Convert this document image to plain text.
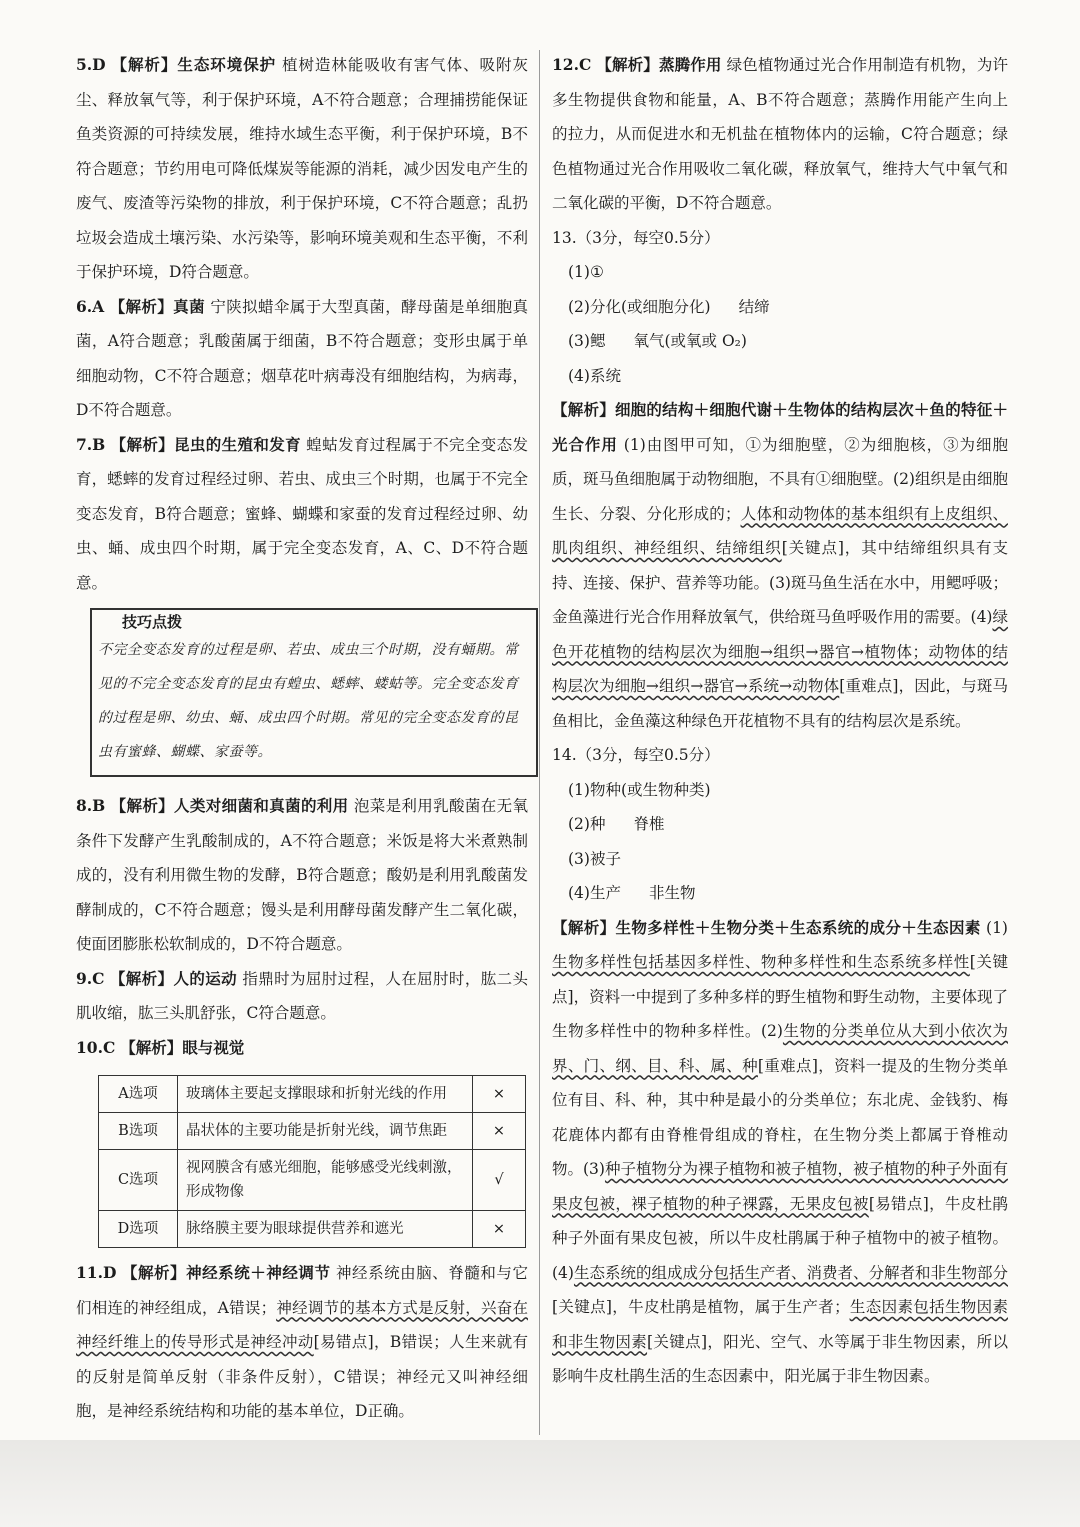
5.D 【解析】生态环境保护 植树造林能吸收有害气体、吸附灰尘、释放氧气等，利于保护环境，A不符合题意；合理捕捞能保证鱼类资源的可持续发展，维持水域生态平衡，利于保护环境，B不符合题意；节约用电可降低煤炭等能源的消耗，减少因发电产生的废气、废渣等污染物的排放，利于保护环境，C不符合题意；乱扔垃圾会造成土壤污染、水污染等，影响环境美观和生态平衡，不利于保护环境，D符合题意。

6.A 【解析】真菌 宁陕拟蜡伞属于大型真菌，酵母菌是单细胞真菌，A符合题意；乳酸菌属于细菌，B不符合题意；变形虫属于单细胞动物，C不符合题意；烟草花叶病毒没有细胞结构，为病毒，D不符合题意。

7.B 【解析】昆虫的生殖和发育 蝗蛄发育过程属于不完全变态发育，蟋蟀的发育过程经过卵、若虫、成虫三个时期，也属于不完全变态发育，B符合题意；蜜蜂、蝴蝶和家蚕的发育过程经过卵、幼虫、蛹、成虫四个时期，属于完全变态发育，A、C、D不符合题意。

技巧点拨
不完全变态发育的过程是卵、若虫、成虫三个时期，没有蛹期。常见的不完全变态发育的昆虫有蝗虫、蟋蟀、蝼蛄等。完全变态发育的过程是卵、幼虫、蛹、成虫四个时期。常见的完全变态发育的昆虫有蜜蜂、蝴蝶、家蚕等。

8.B 【解析】人类对细菌和真菌的利用 泡菜是利用乳酸菌在无氧条件下发酵产生乳酸制成的，A不符合题意；米饭是将大米煮熟制成的，没有利用微生物的发酵，B符合题意；酸奶是利用乳酸菌发酵制成的，C不符合题意；馒头是利用酵母菌发酵产生二氧化碳，使面团膨胀松软制成的，D不符合题意。

9.C 【解析】人的运动 指鼎时为屈肘过程，人在屈肘时，肱二头肌收缩，肱三头肌舒张，C符合题意。

10.C 【解析】眼与视觉

A选项	玻璃体主要起支撑眼球和折射光线的作用	×
B选项	晶状体的主要功能是折射光线，调节焦距	×
C选项	视网膜含有感光细胞，能够感受光线刺激，形成物像	√
D选项	脉络膜主要为眼球提供营养和遮光	×

11.D 【解析】神经系统＋神经调节 神经系统由脑、脊髓和与它们相连的神经组成，A错误；神经调节的基本方式是反射，兴奋在神经纤维上的传导形式是神经冲动[易错点]，B错误；人生来就有的反射是简单反射（非条件反射），C错误；神经元又叫神经细胞，是神经系统结构和功能的基本单位，D正确。

12.C 【解析】蒸腾作用 绿色植物通过光合作用制造有机物，为许多生物提供食物和能量，A、B不符合题意；蒸腾作用能产生向上的拉力，从而促进水和无机盐在植物体内的运输，C符合题意；绿色植物通过光合作用吸收二氧化碳，释放氧气，维持大气中氧气和二氧化碳的平衡，D不符合题意。

13.（3分，每空0.5分）

(1)①
(2)分化(或细胞分化) 结缔
(3)鳃 氧气(或氧或 O₂)
(4)系统

【解析】细胞的结构＋细胞代谢＋生物体的结构层次＋鱼的特征＋光合作用 (1)由图甲可知，①为细胞壁，②为细胞核，③为细胞质，斑马鱼细胞属于动物细胞，不具有①细胞壁。(2)组织是由细胞生长、分裂、分化形成的；人体和动物体的基本组织有上皮组织、肌肉组织、神经组织、结缔组织[关键点]，其中结缔组织具有支持、连接、保护、营养等功能。(3)斑马鱼生活在水中，用鳃呼吸；金鱼藻进行光合作用释放氧气，供给斑马鱼呼吸作用的需要。(4)绿色开花植物的结构层次为细胞→组织→器官→植物体；动物体的结构层次为细胞→组织→器官→系统→动物体[重难点]，因此，与斑马鱼相比，金鱼藻这种绿色开花植物不具有的结构层次是系统。

14.（3分，每空0.5分）

(1)物种(或生物种类)
(2)种 脊椎
(3)被子
(4)生产 非生物

【解析】生物多样性＋生物分类＋生态系统的成分＋生态因素 (1)生物多样性包括基因多样性、物种多样性和生态系统多样性[关键点]，资料一中提到了多种多样的野生植物和野生动物，主要体现了生物多样性中的物种多样性。(2)生物的分类单位从大到小依次为界、门、纲、目、科、属、种[重难点]，资料一提及的生物分类单位有目、科、种，其中种是最小的分类单位；东北虎、金钱豹、梅花鹿体内都有由脊椎骨组成的脊柱，在生物分类上都属于脊椎动物。(3)种子植物分为裸子植物和被子植物，被子植物的种子外面有果皮包被，裸子植物的种子裸露，无果皮包被[易错点]，牛皮杜鹃种子外面有果皮包被，所以牛皮杜鹃属于种子植物中的被子植物。(4)生态系统的组成成分包括生产者、消费者、分解者和非生物部分[关键点]，牛皮杜鹃是植物，属于生产者；生态因素包括生物因素和非生物因素[关键点]，阳光、空气、水等属于非生物因素，所以影响牛皮杜鹃生活的生态因素中，阳光属于非生物因素。
